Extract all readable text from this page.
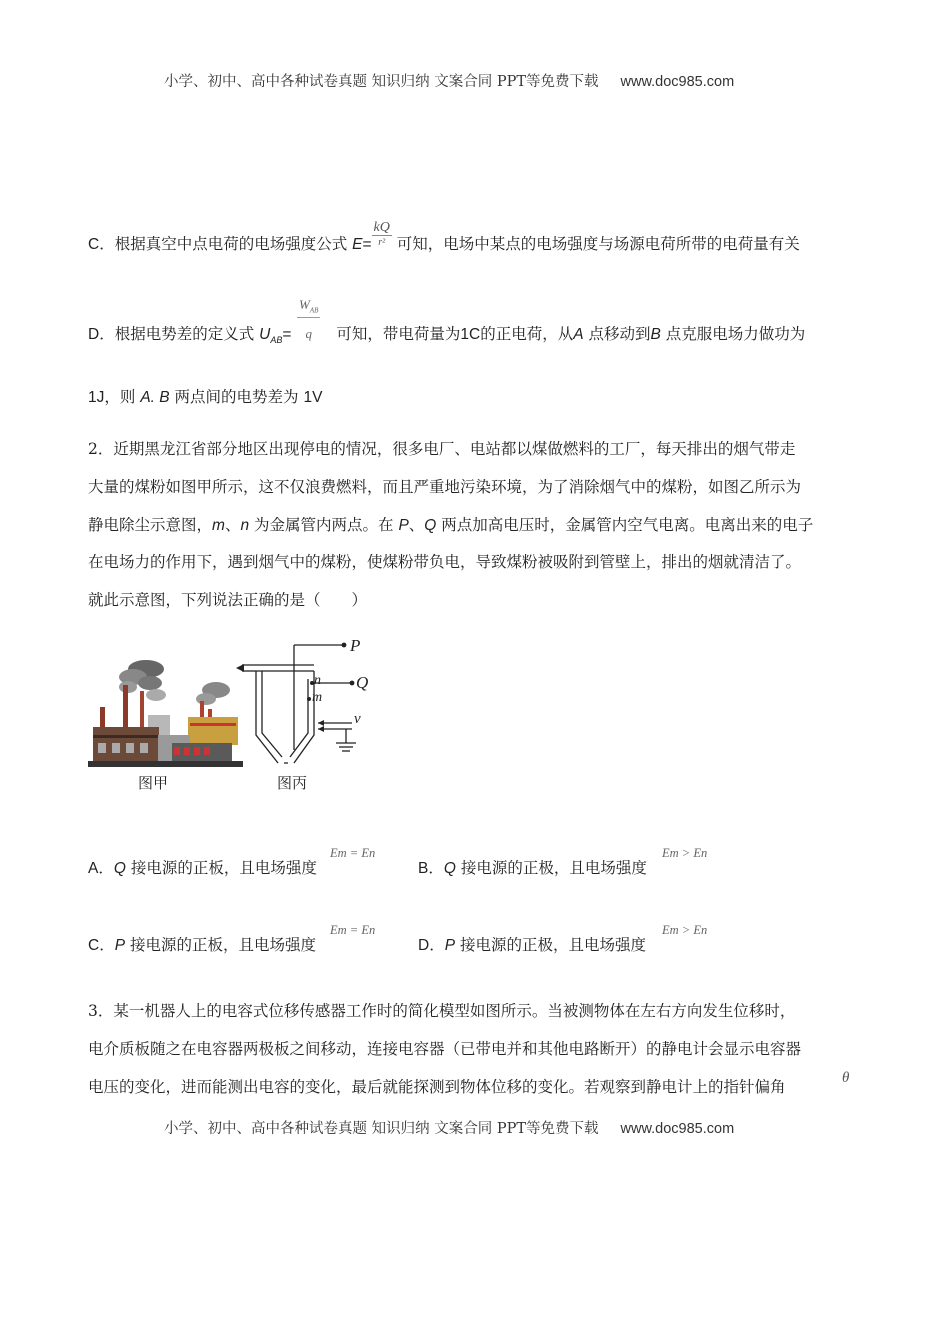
小学、初中、高中各种试卷真题 知识归纳 文案合同 PPT等免费下载 www.doc985.com
C．根据真空中点电荷的电场强度公式 $E= \frac{kQ}{\text{r²}}$ 可知，电场中某点的电场强度与场源电荷所带的电荷量有关
$W_{AB}$
q
D．根据电势差的定义式 $U_{AB}=$	可知，带电荷量为1C的正电荷，从A 点移动到B 点克服电场力做功为
1J，则 A. B 两点间的电势差为 1V
2．近期黑龙江省部分地区出现停电的情况，很多电厂、电站都以煤做燃料的工厂，每天排出的烟气带走
大量的煤粉如图甲所示，这不仅浪费燃料，而且严重地污染环境，为了消除烟气中的煤粉，如图乙所示为
静电除尘示意图，m、n 为金属管内两点。在 P、Q 两点加高电压时，金属管内空气电离。电离出来的电子
在电场力的作用下，遇到烟气中的煤粉，使煤粉带负电，导致煤粉被吸附到管壁上，排出的烟就清洁了。
就此示意图，下列说法正确的是（　　）
P
Q
n
m
v
图甲	图丙
A．Q 接电源的正板，且电场强度
Em = En
B．Q 接电源的正极，且电场强度
Em > En
C．P 接电源的正板，且电场强度
Em = En
D．P 接电源的正极，且电场强度
Em > En
3．某一机器人上的电容式位移传感器工作时的简化模型如图所示。当被测物体在左右方向发生位移时，
电介质板随之在电容器两极板之间移动，连接电容器（已带电并和其他电路断开）的静电计会显示电容器
电压的变化，进而能测出电容的变化，最后就能探测到物体位移的变化。若观察到静电计上的指针偏角	θ
小学、初中、高中各种试卷真题 知识归纳 文案合同 PPT等免费下载 www.doc985.com
